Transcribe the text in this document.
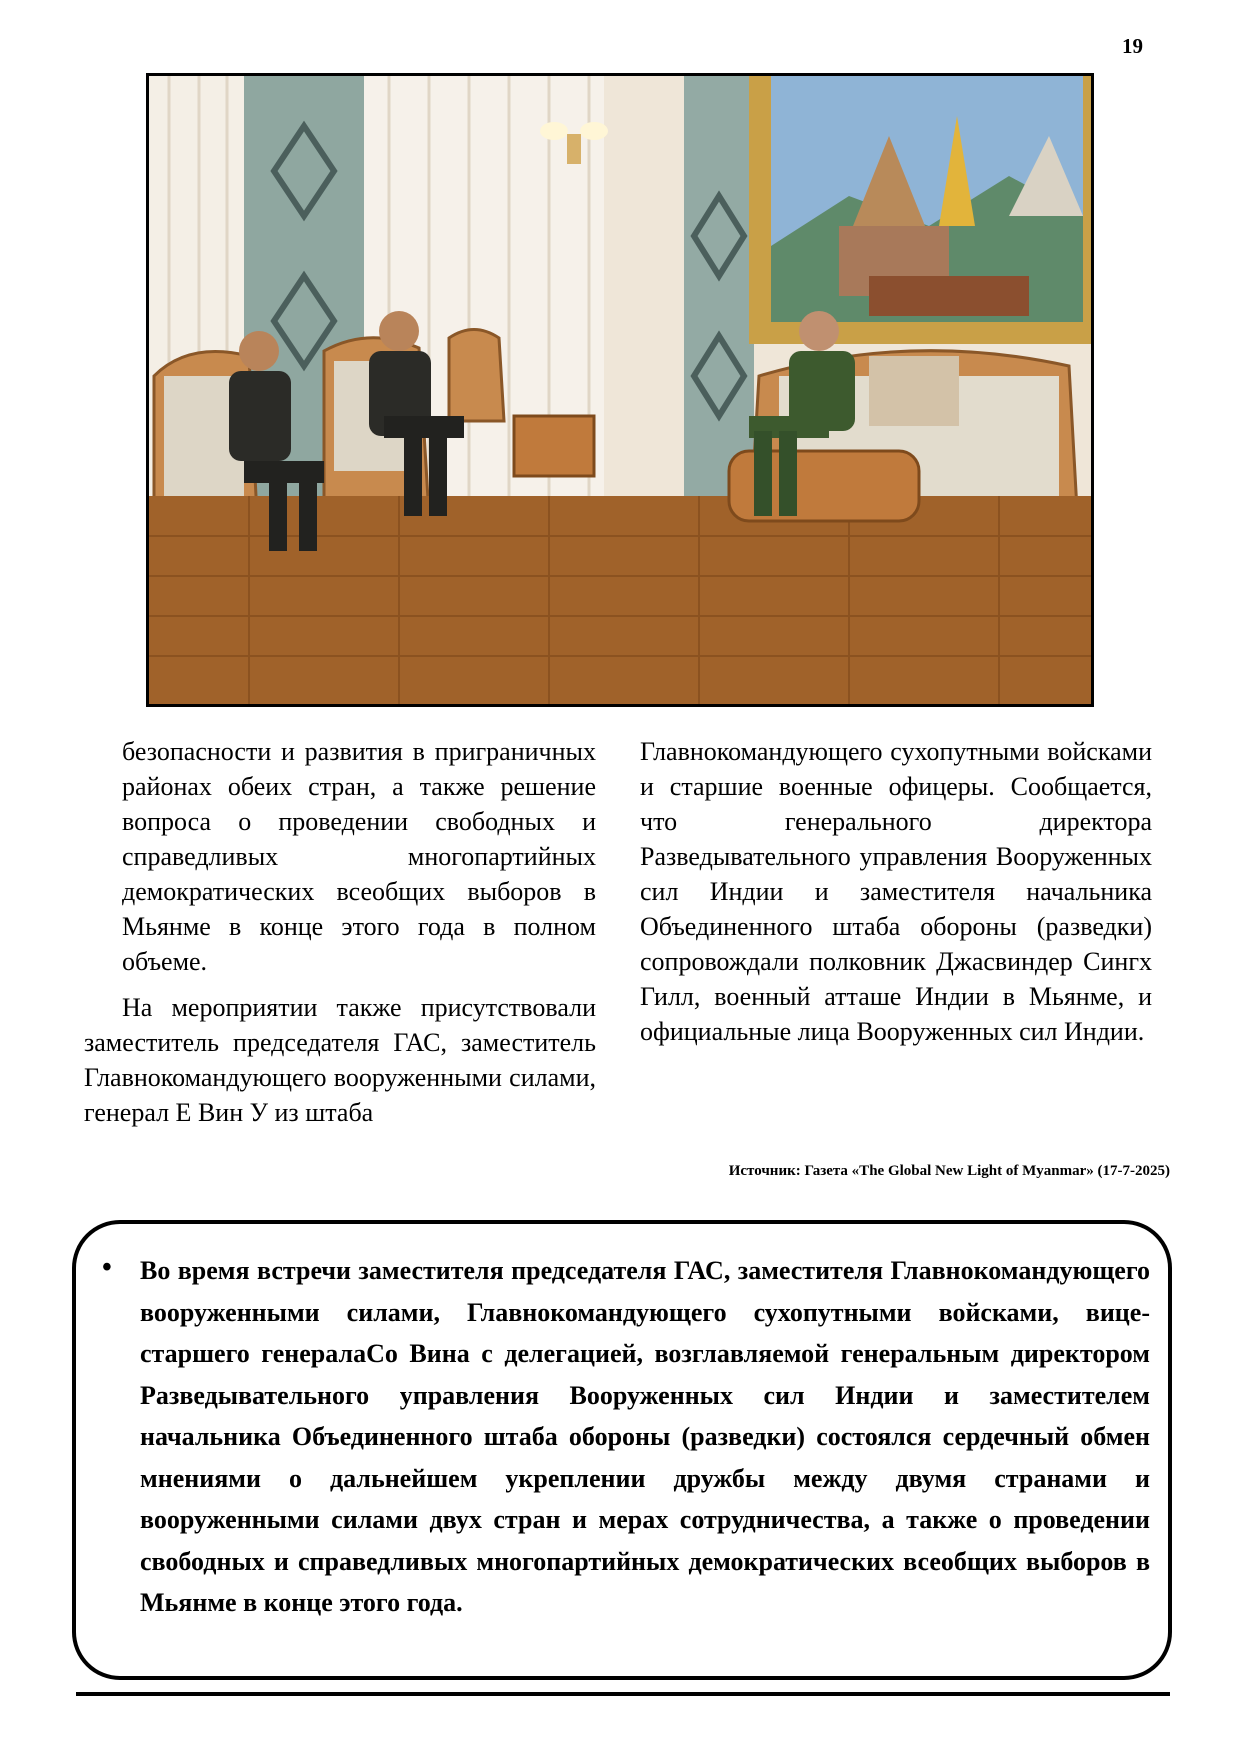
19

безопасности и развития в приграничных районах обеих стран, а также решение вопроса о проведении свободных и справедливых многопартийных демократических всеобщих выборов в Мьянме в конце этого года в полном объеме.

На мероприятии также присутствовали заместитель председателя ГАС, заместитель Главнокомандующего вооруженными силами, генерал Е Вин У из штаба

Главнокомандующего сухопутными войсками и старшие военные офицеры. Сообщается, что генерального директора Разведывательного управления Вооруженных сил Индии и заместителя начальника Объединенного штаба обороны (разведки) сопровождали полковник Джасвиндер Сингх Гилл, военный атташе Индии в Мьянме, и официальные лица Вооруженных сил Индии.

Источник: Газета «The Global New Light of Myanmar» (17-7-2025)
• Во время встречи заместителя председателя ГАС, заместителя Главнокомандующего вооруженными силами, Главнокомандующего сухопутными войсками, вице-старшего генералаСо Вина с делегацией, возглавляемой генеральным директором Разведывательного управления Вооруженных сил Индии и заместителем начальника Объединенного штаба обороны (разведки) состоялся сердечный обмен мнениями о дальнейшем укреплении дружбы между двумя странами и вооруженными силами двух стран и мерах сотрудничества, а также о проведении свободных и справедливых многопартийных демократических всеобщих выборов в Мьянме в конце этого года.
